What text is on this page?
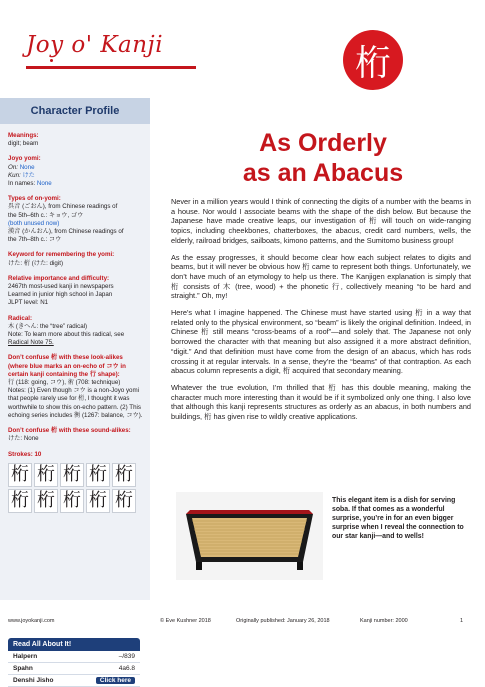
Joy o' Kanji	桁
Character Profile
Meanings:
digit; beam
Joyo yomi:
On: None
Kun: けた
In names: None
Types of on-yomi:
呉音 (ごおん), from Chinese readings of
the 5th–6th c.: キョウ, ゴウ
(both unused now)
漢音 (かんおん), from Chinese readings of
the 7th–8th c.: コウ
Keyword for remembering the yomi:
けた: 桁 (けた: digit)
Relative importance and difficulty:
2467th most-used kanji in newspapers
Learned in junior high school in Japan
JLPT level: N1
Radical:
木 (きへん: the “tree” radical)
Note: To learn more about this radical, see
Radical Note 75.
Don’t confuse 桁 with these look-alikes (where blue marks an on-echo of コウ in certain kanji containing the 行 shape):
行 (118: going, コウ), 術 (708: technique)
Notes: (1) Even though コウ is a non-Joyo yomi that people rarely use for 桁, I thought it was worthwhile to show this on-echo pattern. (2) This echoing series includes 衡 (1267: balance, コウ).
Don’t confuse 桁 with these sound-alikes:
けた: None
Strokes: 10
桁 桁 桁 桁 桁
桁 桁 桁 桁 桁
Read All About It!
Halpern	–/839
Spahn	4a6.8
Denshi Jisho	Click here
As Orderly
as an Abacus

Never in a million years would I think of connecting the digits of a number with the beams in a house. Nor would I associate beams with the shape of the dish below. But because the Japanese have made creative leaps, our investigation of 桁 will touch on wide-ranging topics, including cheekbones, chatterboxes, the abacus, credit card numbers, wells, the elderly, railroad bridges, sailboats, kimono patterns, and the Sumitomo business group!

As the essay progresses, it should become clear how each subject relates to digits and beams, but it will never be obvious how 桁 came to represent both things. Unfortunately, we don’t have much of an etymology to help us there. The Kanjigen explanation is simply that 桁 consists of 木 (tree, wood) + the phonetic 行, collectively meaning “to be hard and straight.” Oh, my!

Here’s what I imagine happened. The Chinese must have started using 桁 in a way that related only to the physical environment, so “beam” is likely the original definition. Indeed, in Chinese 桁 still means “cross-beams of a roof”—and solely that. The Japanese not only borrowed the character with that meaning but also assigned it a more abstract definition, “digit.” And that definition must have come from the design of an abacus, which has rods crossing it at regular intervals. In a sense, they’re the “beams” of that contraption. As each abacus column represents a digit, 桁 acquired that secondary meaning.

Whatever the true evolution, I’m thrilled that 桁 has this double meaning, making the character much more interesting than it would be if it symbolized only one thing. I also love that although this kanji represents structures as orderly as an abacus, in both numbers and buildings, 桁 has given rise to wildly creative applications.

This elegant item is a dish for serving soba. If that comes as a wonderful surprise, you’re in for an even bigger surprise when I reveal the connection to our star kanji—and to wells!
www.joyokanji.com	© Eve Kushner 2018	Originally published: January 26, 2018	Kanji number: 2000	1
